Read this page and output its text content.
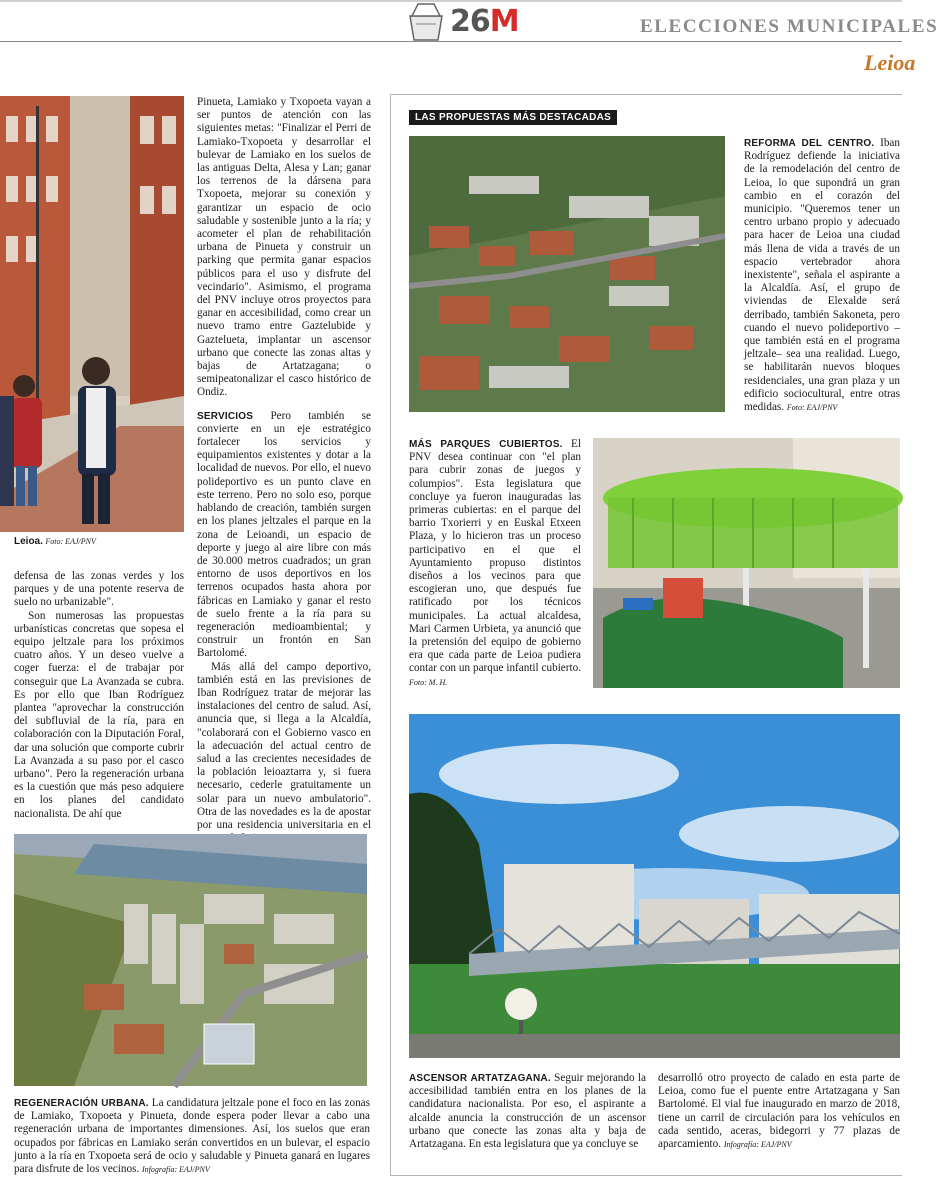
26M	ELECCIONES MUNICIPALES
Leioa
Leioa. Foto: EAJ/PNV

defensa de las zonas verdes y los parques y de una potente reserva de suelo no urbanizable".

Son numerosas las propuestas urbanísticas concretas que sopesa el equipo jeltzale para los próximos cuatro años. Y un deseo vuelve a coger fuerza: el de trabajar por conseguir que La Avanzada se cubra. Es por ello que Iban Rodríguez plantea "aprovechar la construcción del subfluvial de la ría, para en colaboración con la Diputación Foral, dar una solución que comporte cubrir La Avanzada a su paso por el casco urbano". Pero la regeneración urbana es la cuestión que más peso adquiere en los planes del candidato nacionalista. De ahí que

Pinueta, Lamiako y Txopoeta vayan a ser puntos de atención con las siguientes metas: "Finalizar el Perri de Lamiako-Txopoeta y desarrollar el bulevar de Lamiako en los suelos de las antiguas Delta, Alesa y Lan; ganar los terrenos de la dársena para Txopoeta, mejorar su conexión y garantizar un espacio de ocio saludable y sostenible junto a la ría; y acometer el plan de rehabilitación urbana de Pinueta y construir un parking que permita ganar espacios públicos para el uso y disfrute del vecindario". Asimismo, el programa del PNV incluye otros proyectos para ganar en accesibilidad, como crear un nuevo tramo entre Gaztelubide y Gaztelueta, implantar un ascensor urbano que conecte las zonas altas y bajas de Artatzagana; o semipeatonalizar el casco histórico de Ondiz.

SERVICIOS Pero también se convierte en un eje estratégico fortalecer los servicios y equipamientos existentes y dotar a la localidad de nuevos. Por ello, el nuevo polideportivo es un punto clave en este terreno. Pero no solo eso, porque hablando de creación, también surgen en los planes jeltzales el parque en la zona de Leioandi, un espacio de deporte y juego al aire libre con más de 30.000 metros cuadrados; un gran entorno de usos deportivos en los terrenos ocupados hasta ahora por fábricas en Lamiako y ganar el resto de suelo frente a la ría para su regeneración medioambiental; y construir un frontón en San Bartolomé.

Más allá del campo deportivo, también está en las previsiones de Iban Rodríguez tratar de mejorar las instalaciones del centro de salud. Así, anuncia que, si llega a la Alcaldía, "colaborará con el Gobierno vasco en la adecuación del actual centro de salud a las crecientes necesidades de la población leioaztarra y, si fuera necesario, cederle gratuitamente un solar para un nuevo ambulatorio". Otra de las novedades es la de apostar por una residencia universitaria en el

LAS PROPUESTAS MÁS DESTACADAS

REFORMA DEL CENTRO. Iban Rodríguez defiende la iniciativa de la remodelación del centro de Leioa, lo que supondrá un gran cambio en el corazón del municipio. "Queremos tener un centro urbano propio y adecuado para hacer de Leioa una ciudad más llena de vida a través de un espacio vertebrador ahora inexistente", señala el aspirante a la Alcaldía. Así, el grupo de viviendas de Elexalde será derribado, también Sakoneta, pero cuando el nuevo polideportivo –que también está en el programa jeltzale– sea una realidad. Luego, se habilitarán nuevos bloques residenciales, una gran plaza y un edificio sociocultural, entre otras medidas. Foto: EAJ/PNV

MÁS PARQUES CUBIERTOS. El PNV desea continuar con "el plan para cubrir zonas de juegos y columpios". Esta legislatura que concluye ya fueron inauguradas las primeras cubiertas: en el parque del barrio Txorierri y en Euskal Etxeen Plaza, y lo hicieron tras un proceso participativo en el que el Ayuntamiento propuso distintos diseños a los vecinos para que escogieran uno, que después fue ratificado por los técnicos municipales. La actual alcaldesa, Mari Carmen Urbieta, ya anunció que la pretensión del equipo de gobierno era que cada parte de Leioa pudiera contar con un parque infantil cubierto. Foto: M. H.

ASCENSOR ARTATZAGANA. Seguir mejorando la accesibilidad también entra en los planes de la candidatura nacionalista. Por eso, el aspirante a alcalde anuncia la construcción de un ascensor urbano que conecte las zonas alta y baja de Artatzagana. En esta legislatura que ya concluye se

desarrolló otro proyecto de calado en esta parte de Leioa, como fue el puente entre Artatzagana y San Bartolomé. El vial fue inaugurado en marzo de 2018, tiene un carril de circulación para los vehículos en cada sentido, aceras, bidegorri y 77 plazas de aparcamiento. Infografía: EAJ/PNV

REGENERACIÓN URBANA. La candidatura jeltzale pone el foco en las zonas de Lamiako, Txopoeta y Pinueta, donde espera poder llevar a cabo una regeneración urbana de importantes dimensiones. Así, los suelos que eran ocupados por fábricas en Lamiako serán convertidos en un bulevar, el espacio junto a la ría en Txopoeta será de ocio y saludable y Pinueta ganará en lugares para disfrute de los vecinos. Infografía: EAJ/PNV
